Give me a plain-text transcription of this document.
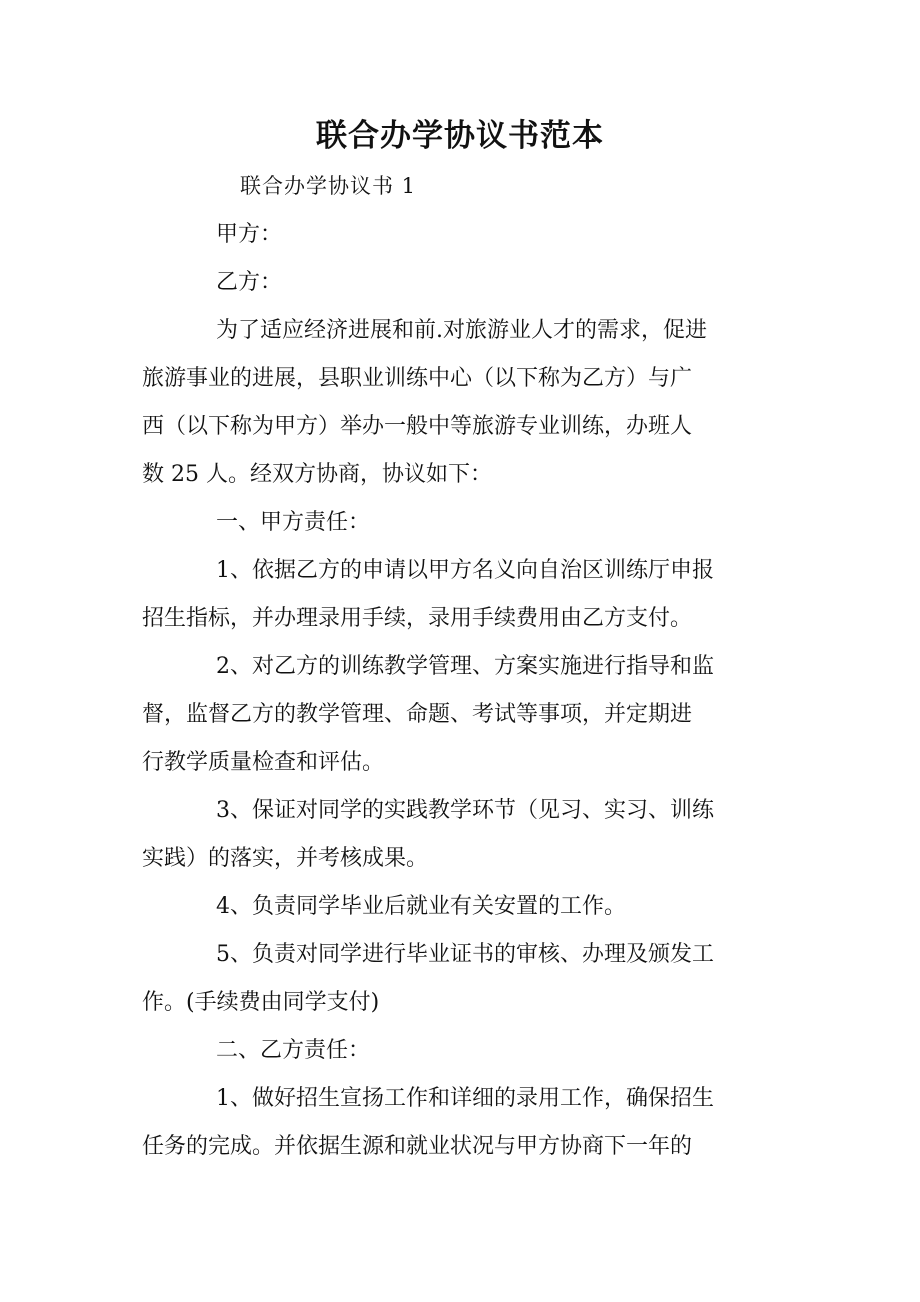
联合办学协议书范本

联合办学协议书 1

甲方：

乙方：

为了适应经济进展和前.对旅游业人才的需求，促进

旅游事业的进展，县职业训练中心（以下称为乙方）与广

西（以下称为甲方）举办一般中等旅游专业训练，办班人

数 25 人。经双方协商，协议如下：

一、甲方责任：

1、依据乙方的申请以甲方名义向自治区训练厅申报

招生指标，并办理录用手续，录用手续费用由乙方支付。

2、对乙方的训练教学管理、方案实施进行指导和监

督，监督乙方的教学管理、命题、考试等事项，并定期进

行教学质量检查和评估。

3、保证对同学的实践教学环节（见习、实习、训练

实践）的落实，并考核成果。

4、负责同学毕业后就业有关安置的工作。

5、负责对同学进行毕业证书的审核、办理及颁发工

作。(手续费由同学支付)

二、乙方责任：

1、做好招生宣扬工作和详细的录用工作，确保招生

任务的完成。并依据生源和就业状况与甲方协商下一年的
